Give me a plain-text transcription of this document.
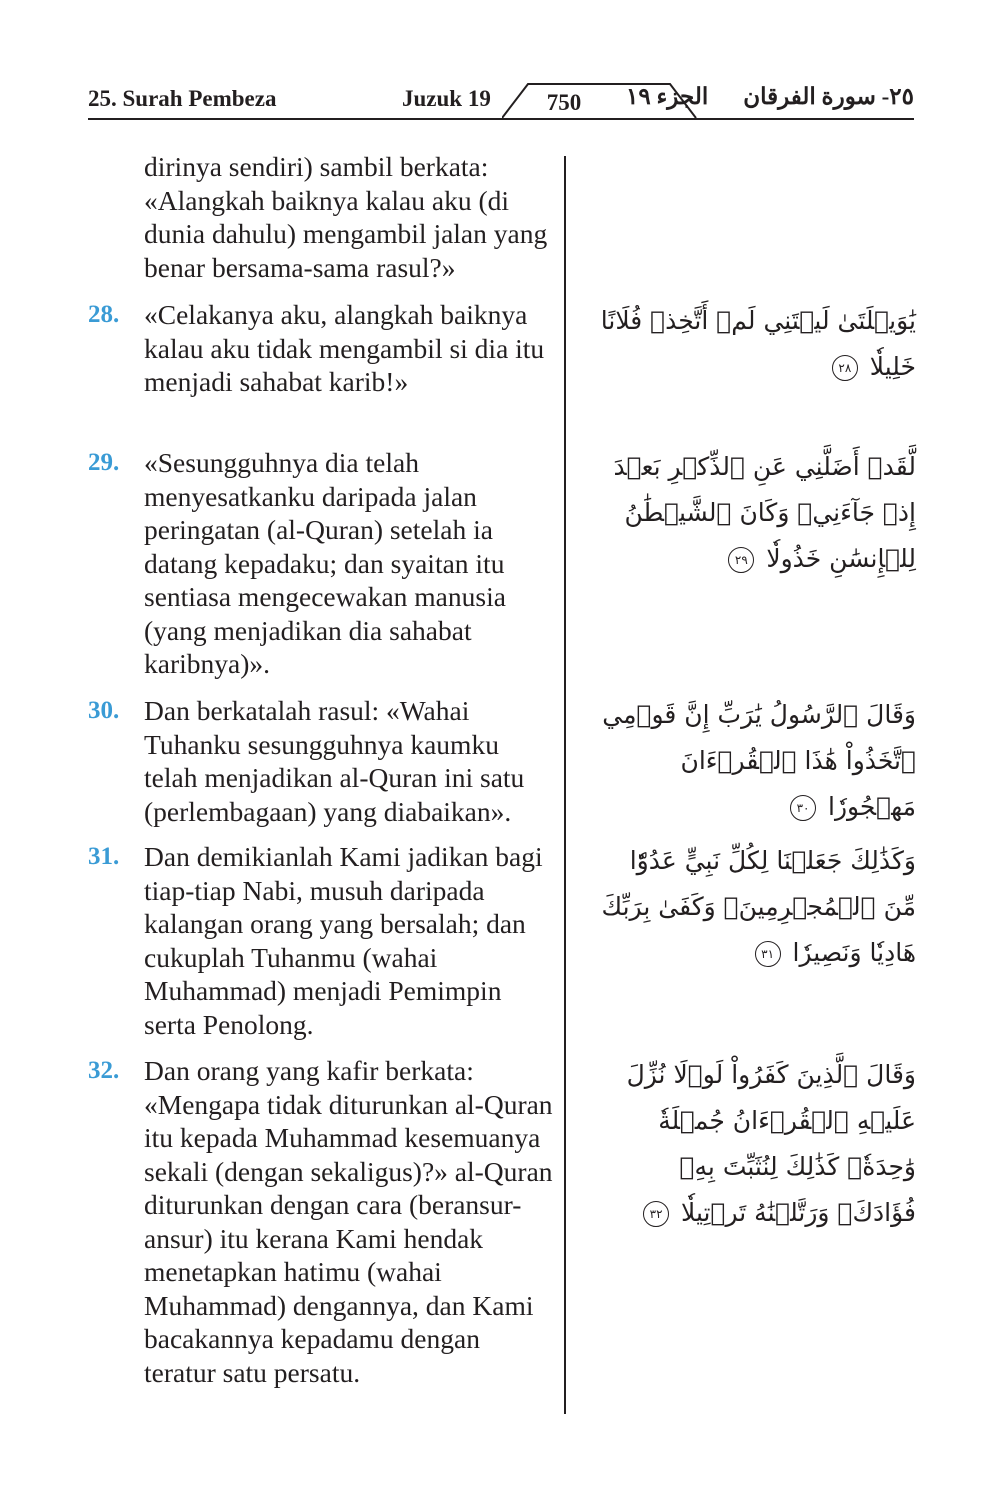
25. Surah Pembeza	Juzuk 19	750	الجزء ١٩ ٢٥- سورة الفرقان
dirinya sendiri) sambil berkata: «Alangkah baiknya kalau aku (di dunia dahulu) mengambil jalan yang benar bersama-sama rasul?»
28. «Celakanya aku, alangkah baiknya kalau aku tidak mengambil si dia itu menjadi sahabat karib!»
يَٰوَيۡلَتَىٰ لَيۡتَنِي لَمۡ أَتَّخِذۡ فُلَانًا خَلِيلٗا ٢٨
29. «Sesungguhnya dia telah menyesatkanku daripada jalan peringatan (al-Quran) setelah ia datang kepadaku; dan syaitan itu sentiasa mengecewakan manusia (yang menjadikan dia sahabat karibnya)».
لَّقَدۡ أَضَلَّنِي عَنِ ٱلذِّكۡرِ بَعۡدَ إِذۡ جَآءَنِيۗ وَكَانَ ٱلشَّيۡطَٰنُ لِلۡإِنسَٰنِ خَذُولٗا ٢٩
30. Dan berkatalah rasul: «Wahai Tuhanku sesungguhnya kaumku telah menjadikan al-Quran ini satu (perlembagaan) yang diabaikan».
وَقَالَ ٱلرَّسُولُ يَٰرَبِّ إِنَّ قَوۡمِي ٱتَّخَذُواْ هَٰذَا ٱلۡقُرۡءَانَ مَهۡجُورٗا ٣٠
31. Dan demikianlah Kami jadikan bagi tiap-tiap Nabi, musuh daripada kalangan orang yang bersalah; dan cukuplah Tuhanmu (wahai Muhammad) menjadi Pemimpin serta Penolong.
وَكَذَٰلِكَ جَعَلۡنَا لِكُلِّ نَبِيٍّ عَدُوّٗا مِّنَ ٱلۡمُجۡرِمِينَۗ وَكَفَىٰ بِرَبِّكَ هَادِيٗا وَنَصِيرٗا ٣١
32. Dan orang yang kafir berkata: «Mengapa tidak diturunkan al-Quran itu kepada Muhammad kesemuanya sekali (dengan sekaligus)?» al-Quran diturunkan dengan cara (beransur-ansur) itu kerana Kami hendak menetapkan hatimu (wahai Muhammad) dengannya, dan Kami bacakannya kepadamu dengan teratur satu persatu.
وَقَالَ ٱلَّذِينَ كَفَرُواْ لَوۡلَا نُزِّلَ عَلَيۡهِ ٱلۡقُرۡءَانُ جُمۡلَةٗ وَٰحِدَةٗۚ كَذَٰلِكَ لِنُثَبِّتَ بِهِۦ فُؤَادَكَۖ وَرَتَّلۡنَٰهُ تَرۡتِيلٗا ٣٢
